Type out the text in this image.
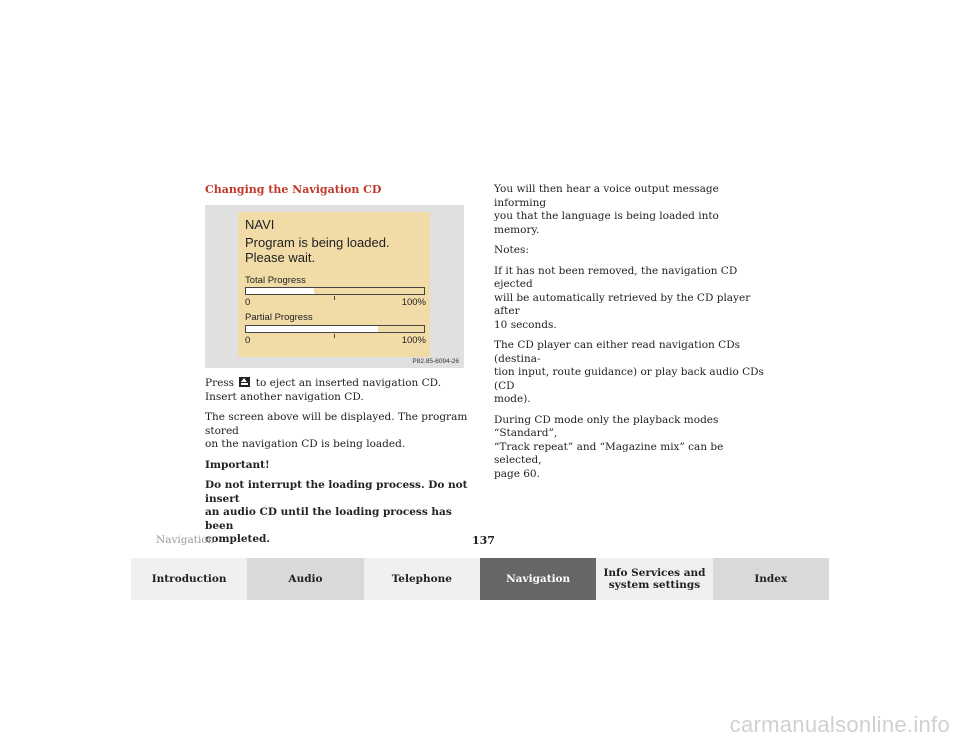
Changing the Navigation CD
NAVI
Program is being loaded.
Please wait.
Total Progress
0	100%
Partial Progress
0	100%
P82.85-6094-26

Press to eject an inserted navigation CD.
Insert another navigation CD.

The screen above will be displayed. The program stored
on the navigation CD is being loaded.

Important!

Do not interrupt the loading process. Do not insert
an audio CD until the loading process has been
completed.

You will then hear a voice output message informing
you that the language is being loaded into memory.

Notes:

If it has not been removed, the navigation CD ejected
will be automatically retrieved by the CD player after
10 seconds.

The CD player can either read navigation CDs (destina-
tion input, route guidance) or play back audio CDs (CD
mode).

During CD mode only the playback modes “Standard”,
“Track repeat” and “Magazine mix” can be selected,
page 60.

Navigation	137
Introduction	Audio	Telephone	Navigation	Info Services and
system settings	Index
carmanualsonline.info
